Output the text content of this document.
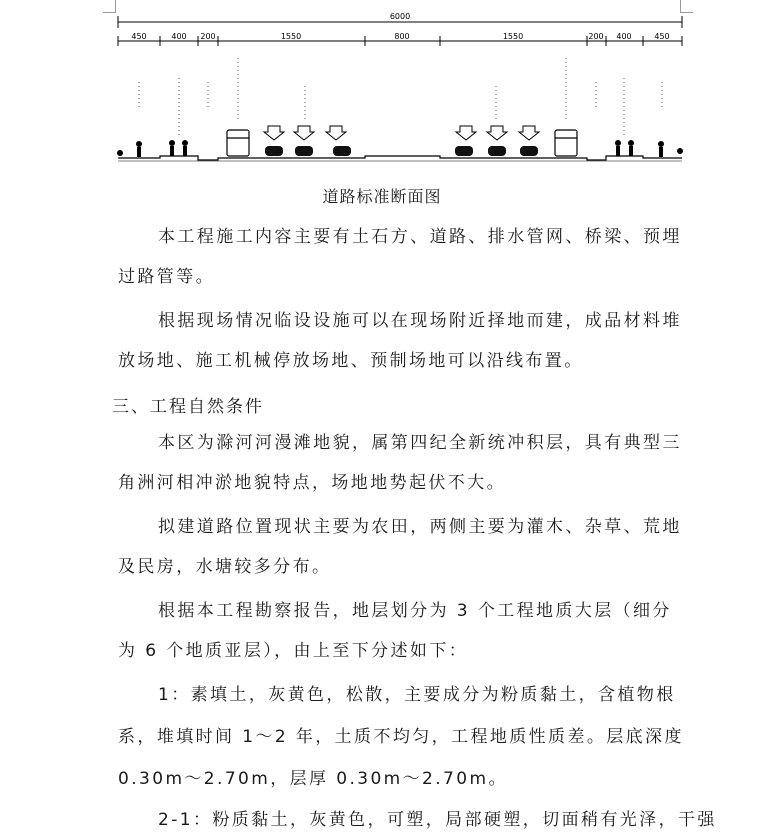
6000
450	400 200	1550	800	1550	200 400	450
道路标准断面图

本工程施工内容主要有土石方、道路、排水管网、桥梁、预埋过路管等。

根据现场情况临设设施可以在现场附近择地而建，成品材料堆放场地、施工机械停放场地、预制场地可以沿线布置。

三、工程自然条件

本区为滁河河漫滩地貌，属第四纪全新统冲积层，具有典型三角洲河相冲淤地貌特点，场地地势起伏不大。

拟建道路位置现状主要为农田，两侧主要为灌木、杂草、荒地及民房，水塘较多分布。

根据本工程勘察报告，地层划分为 3 个工程地质大层（细分为 6 个地质亚层），由上至下分述如下：

1：素填土，灰黄色，松散，主要成分为粉质黏土，含植物根系，堆填时间 1～2 年，土质不均匀，工程地质性质差。层底深度 0.30m～2.70m，层厚 0.30m～2.70m。

2-1：粉质黏土，灰黄色，可塑，局部硬塑，切面稍有光泽，干强
